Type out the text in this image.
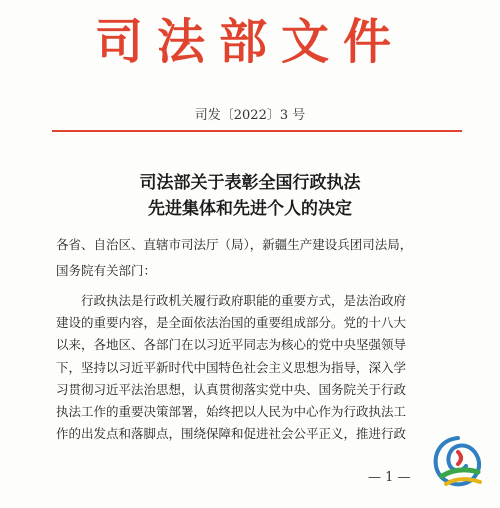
司法部文件
司发〔2022〕3 号
司法部关于表彰全国行政执法
先进集体和先进个人的决定
各省、自治区、直辖市司法厅（局），新疆生产建设兵团司法局，
国务院有关部门：
行政执法是行政机关履行政府职能的重要方式，是法治政府
建设的重要内容，是全面依法治国的重要组成部分。党的十八大
以来，各地区、各部门在以习近平同志为核心的党中央坚强领导
下，坚持以习近平新时代中国特色社会主义思想为指导，深入学
习贯彻习近平法治思想，认真贯彻落实党中央、国务院关于行政
执法工作的重要决策部署，始终把以人民为中心作为行政执法工
作的出发点和落脚点，围绕保障和促进社会公平正义，推进行政
— 1 —
